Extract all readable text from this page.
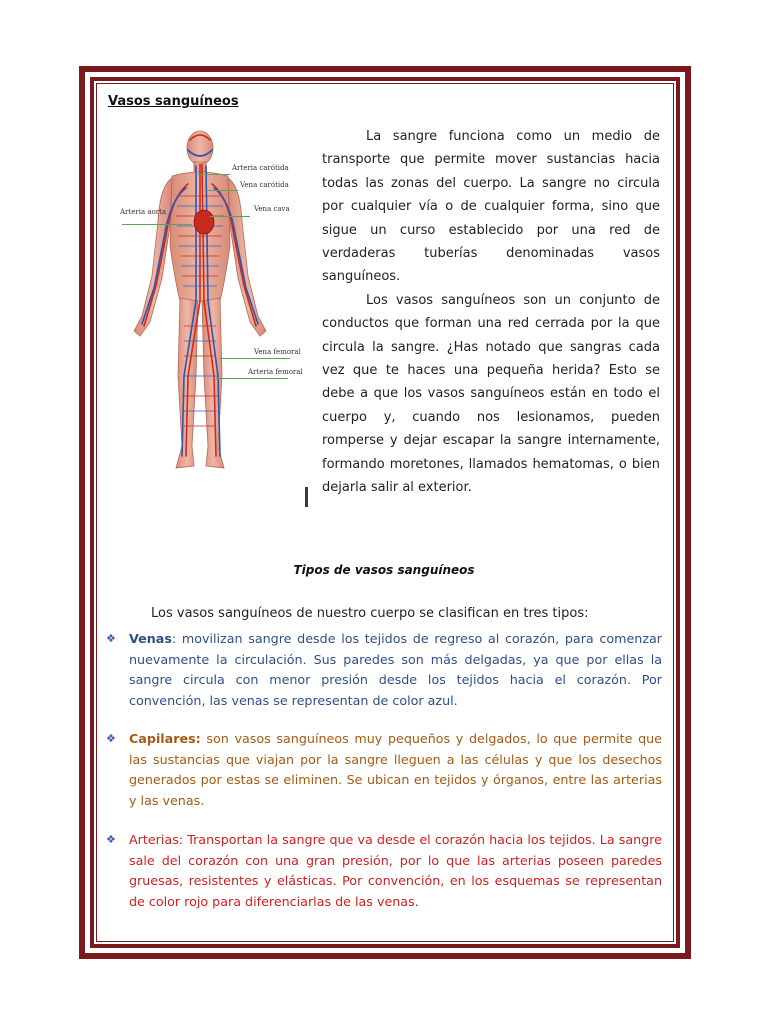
Vasos sanguíneos
Arteria carótida
Vena carótida
Arteria aorta	Vena cava
Vena femoral
Arteria femoral

La sangre funciona como un medio de transporte que permite mover sustancias hacia todas las zonas del cuerpo. La sangre no circula por cualquier vía o de cualquier forma, sino que sigue un curso establecido por una red de verdaderas tuberías denominadas vasos sanguíneos.

Los vasos sanguíneos son un conjunto de conductos que forman una red cerrada por la que circula la sangre. ¿Has notado que sangras cada vez que te haces una pequeña herida? Esto se debe a que los vasos sanguíneos están en todo el cuerpo y, cuando nos lesionamos, pueden romperse y dejar escapar la sangre internamente, formando moretones, llamados hematomas, o bien dejarla salir al exterior.

Tipos de vasos sanguíneos
Los vasos sanguíneos de nuestro cuerpo se clasifican en tres tipos:
❖	Venas: movilizan sangre desde los tejidos de regreso al corazón, para comenzar nuevamente la circulación. Sus paredes son más delgadas, ya que por ellas la sangre circula con menor presión desde los tejidos hacia el corazón. Por convención, las venas se representan de color azul.
❖	Capilares: son vasos sanguíneos muy pequeños y delgados, lo que permite que las sustancias que viajan por la sangre lleguen a las células y que los desechos generados por estas se eliminen. Se ubican en tejidos y órganos, entre las arterias y las venas.
❖	Arterias: Transportan la sangre que va desde el corazón hacia los tejidos. La sangre sale del corazón con una gran presión, por lo que las arterias poseen paredes gruesas, resistentes y elásticas. Por convención, en los esquemas se representan de color rojo para diferenciarlas de las venas.
